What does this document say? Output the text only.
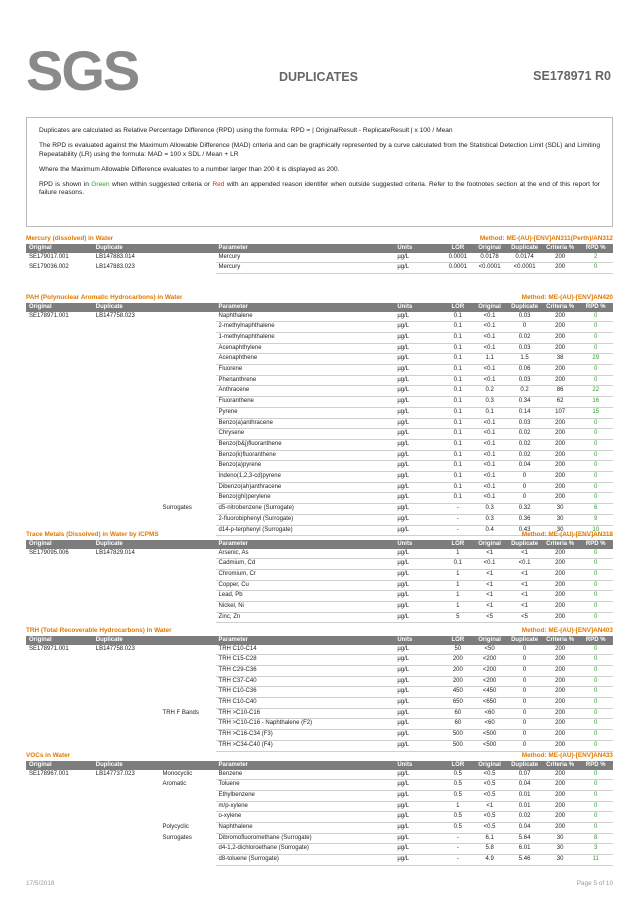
SGS	DUPLICATES	SE178971 R0

Duplicates are calculated as Relative Percentage Difference (RPD) using the formula: RPD = | OriginalResult - ReplicateResult | x 100 / Mean

The RPD is evaluated against the Maximum Allowable Difference (MAD) criteria and can be graphically represented by a curve calculated from the Statistical Detection Limit (SDL) and Limiting Repeatability (LR) using the formula: MAD = 100 x SDL / Mean + LR

Where the Maximum Allowable Difference evaluates to a number larger than 200 it is displayed as 200.

RPD is shown in Green when within suggested criteria or Red with an appended reason identifer when outside suggested criteria. Refer to the footnotes section at the end of this report for failure reasons.

Mercury (dissolved) in Water	Method: ME-(AU)-[ENV]AN311(Perth)/AN312
Original	Duplicate		Parameter	Units	LOR	Original	Duplicate	Criteria %	RPD %
SE179017.001	LB147883.014		Mercury	µg/L	0.0001	0.0178	0.0174	200	2
SE179036.002	LB147883.023		Mercury	µg/L	0.0001	<0.0001	<0.0001	200	0
PAH (Polynuclear Aromatic Hydrocarbons) in Water	Method: ME-(AU)-[ENV]AN420
Original	Duplicate		Parameter	Units	LOR	Original	Duplicate	Criteria %	RPD %
SE178971.001	LB147758.023		Naphthalene	µg/L	0.1	<0.1	0.03	200	0
			2-methylnaphthalene	µg/L	0.1	<0.1	0	200	0
			1-methylnaphthalene	µg/L	0.1	<0.1	0.02	200	0
			Acenaphthylene	µg/L	0.1	<0.1	0.03	200	0
			Acenaphthene	µg/L	0.1	1.1	1.5	38	29
			Fluorene	µg/L	0.1	<0.1	0.06	200	0
			Phenanthrene	µg/L	0.1	<0.1	0.03	200	0
			Anthracene	µg/L	0.1	0.2	0.2	86	22
			Fluoranthene	µg/L	0.1	0.3	0.34	62	16
			Pyrene	µg/L	0.1	0.1	0.14	107	15
			Benzo(a)anthracene	µg/L	0.1	<0.1	0.03	200	0
			Chrysene	µg/L	0.1	<0.1	0.02	200	0
			Benzo(b&j)fluoranthene	µg/L	0.1	<0.1	0.02	200	0
			Benzo(k)fluoranthene	µg/L	0.1	<0.1	0.02	200	0
			Benzo(a)pyrene	µg/L	0.1	<0.1	0.04	200	0
			Indeno(1,2,3-cd)pyrene	µg/L	0.1	<0.1	0	200	0
			Dibenzo(ah)anthracene	µg/L	0.1	<0.1	0	200	0
			Benzo(ghi)perylene	µg/L	0.1	<0.1	0	200	0
		Surrogates	d5-nitrobenzene (Surrogate)	µg/L	-	0.3	0.32	30	6
			2-fluorobiphenyl (Surrogate)	µg/L	-	0.3	0.36	30	9
			d14-p-terphenyl (Surrogate)	µg/L	-	0.4	0.43	30	10
Trace Metals (Dissolved) in Water by ICPMS	Method: ME-(AU)-[ENV]AN318
Original	Duplicate		Parameter	Units	LOR	Original	Duplicate	Criteria %	RPD %
SE179095.006	LB147829.014		Arsenic, As	µg/L	1	<1	<1	200	0
			Cadmium, Cd	µg/L	0.1	<0.1	<0.1	200	0
			Chromium, Cr	µg/L	1	<1	<1	200	0
			Copper, Cu	µg/L	1	<1	<1	200	0
			Lead, Pb	µg/L	1	<1	<1	200	0
			Nickel, Ni	µg/L	1	<1	<1	200	0
			Zinc, Zn	µg/L	5	<5	<5	200	0
TRH (Total Recoverable Hydrocarbons) in Water	Method: ME-(AU)-[ENV]AN403
Original	Duplicate		Parameter	Units	LOR	Original	Duplicate	Criteria %	RPD %
SE178971.001	LB147758.023		TRH C10-C14	µg/L	50	<50	0	200	0
			TRH C15-C28	µg/L	200	<200	0	200	0
			TRH C29-C36	µg/L	200	<200	0	200	0
			TRH C37-C40	µg/L	200	<200	0	200	0
			TRH C10-C36	µg/L	450	<450	0	200	0
			TRH C10-C40	µg/L	650	<650	0	200	0
		TRH F Bands	TRH >C10-C16	µg/L	60	<60	0	200	0
			TRH >C10-C16 - Naphthalene (F2)	µg/L	60	<60	0	200	0
			TRH >C16-C34 (F3)	µg/L	500	<500	0	200	0
			TRH >C34-C40 (F4)	µg/L	500	<500	0	200	0
VOCs in Water	Method: ME-(AU)-[ENV]AN433
Original	Duplicate		Parameter	Units	LOR	Original	Duplicate	Criteria %	RPD %
SE178967.001	LB147737.023	Monocyclic	Benzene	µg/L	0.5	<0.5	0.07	200	0
		Aromatic	Toluene	µg/L	0.5	<0.5	0.04	200	0
			Ethylbenzene	µg/L	0.5	<0.5	0.01	200	0
			m/p-xylene	µg/L	1	<1	0.01	200	0
			o-xylene	µg/L	0.5	<0.5	0.02	200	0
		Polycyclic	Naphthalene	µg/L	0.5	<0.5	0.04	200	0
		Surrogates	Dibromofluoromethane (Surrogate)	µg/L	-	6.1	5.64	30	8
			d4-1,2-dichloroethane (Surrogate)	µg/L	-	5.8	6.01	30	3
			d8-toluene (Surrogate)	µg/L	-	4.9	5.46	30	11
17/5/2018	Page 5 of 10
